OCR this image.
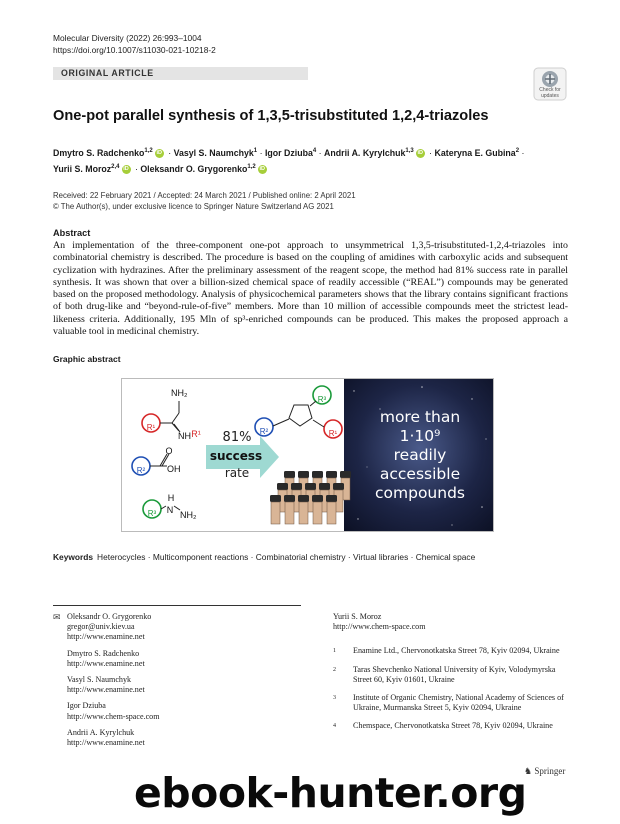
Molecular Diversity (2022) 26:993–1004
https://doi.org/10.1007/s11030-021-10218-2
ORIGINAL ARTICLE
Check for updates
One-pot parallel synthesis of 1,3,5-trisubstituted 1,2,4-triazoles
Dmytro S. Radchenko$^{1,2}$ iD · Vasyl S. Naumchyk$^1$ · Igor Dziuba$^4$ · Andrii A. Kyrylchuk$^{1,3}$ iD · Kateryna E. Gubina$^2$ ·
Yurii S. Moroz$^{2,4}$ iD · Oleksandr O. Grygorenko$^{1,2}$ iD
Received: 22 February 2021 / Accepted: 24 March 2021 / Published online: 2 April 2021
© The Author(s), under exclusive licence to Springer Nature Switzerland AG 2021
Abstract
An implementation of the three-component one-pot approach to unsymmetrical 1,3,5-trisubstituted-1,2,4-triazoles into combinatorial chemistry is described. The procedure is based on the coupling of amidines with carboxylic acids and subsequent cyclization with hydrazines. After the preliminary assessment of the reagent scope, the method had 81% success rate in parallel synthesis. It was shown that over a billion-sized chemical space of readily accessible (“REAL”) compounds may be generated based on the proposed methodology. Analysis of physicochemical parameters shows that the library contains significant fractions of both drug-like and “beyond-rule-of-five” members. More than 10 million of accessible compounds meet the strictest lead-likeness criteria. Additionally, 195 Mln of sp³-enriched compounds can be produced. This makes the proposed approach a valuable tool in medicinal chemistry.
Graphic abstract
R¹
NH₂
NH
R¹
R²
O
OH
R³
H
N NH₂
R²
R³
R¹
81%
success
rate
more than
1·10⁹
readily
accessible
compounds
Keywords Heterocycles · Multicomponent reactions · Combinatorial chemistry · Virtual libraries · Chemical space
✉ Oleksandr O. Grygorenko
gregor@univ.kiev.ua
http://www.enamine.net
Dmytro S. Radchenko
http://www.enamine.net
Vasyl S. Naumchyk
http://www.enamine.net
Igor Dziuba
http://www.chem-space.com
Andrii A. Kyrylchuk
http://www.enamine.net
Yurii S. Moroz
http://www.chem-space.com
1 Enamine Ltd., Chervonotkatska Street 78, Kyiv 02094, Ukraine
2 Taras Shevchenko National University of Kyiv, Volodymyrska Street 60, Kyiv 01601, Ukraine
3 Institute of Organic Chemistry, National Academy of Sciences of Ukraine, Murmanska Street 5, Kyiv 02094, Ukraine
4 Chemspace, Chervonotkatska Street 78, Kyiv 02094, Ukraine
♞ Springer
ebook-hunter.org
